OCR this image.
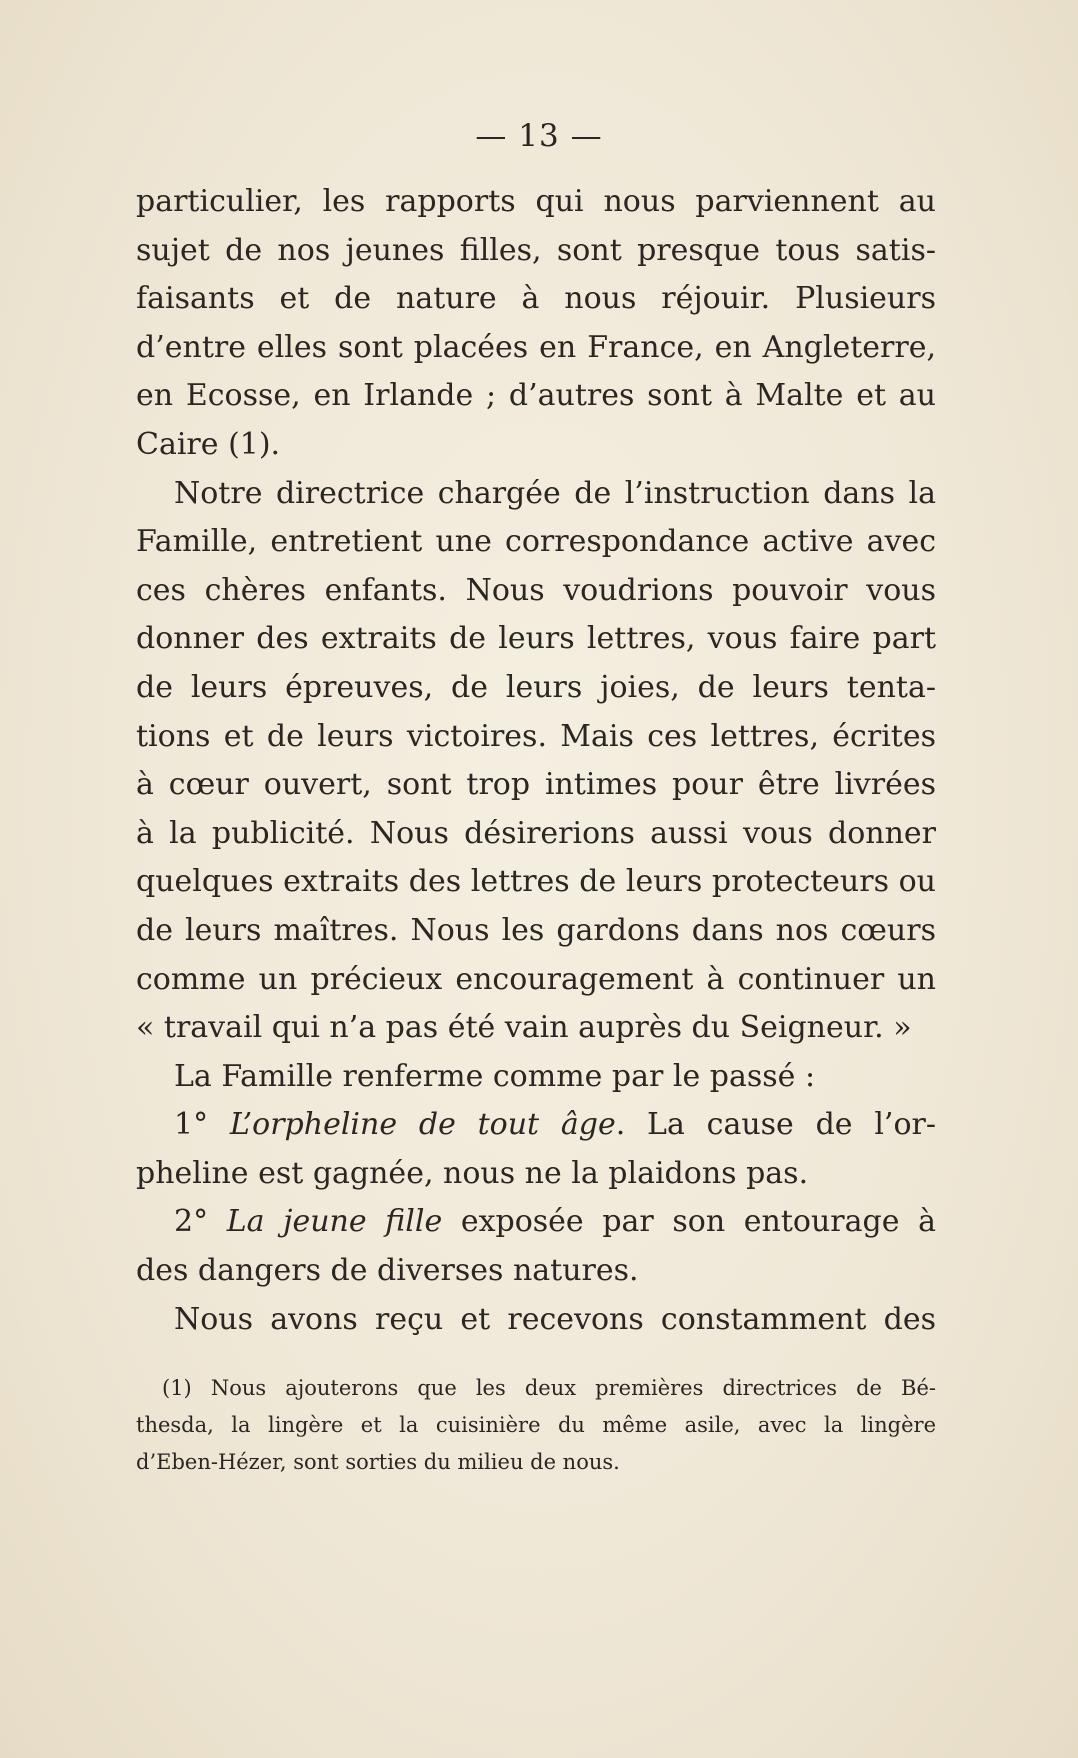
— 13 —
particulier, les rapports qui nous parviennent au
sujet de nos jeunes filles, sont presque tous satis-
faisants et de nature à nous réjouir. Plusieurs
d’entre elles sont placées en France, en Angleterre,
en Ecosse, en Irlande ; d’autres sont à Malte et au
Caire (1).
Notre directrice chargée de l’instruction dans la
Famille, entretient une correspondance active avec
ces chères enfants. Nous voudrions pouvoir vous
donner des extraits de leurs lettres, vous faire part
de leurs épreuves, de leurs joies, de leurs tenta-
tions et de leurs victoires. Mais ces lettres, écrites
à cœur ouvert, sont trop intimes pour être livrées
à la publicité. Nous désirerions aussi vous donner
quelques extraits des lettres de leurs protecteurs ou
de leurs maîtres. Nous les gardons dans nos cœurs
comme un précieux encouragement à continuer un
« travail qui n’a pas été vain auprès du Seigneur. »
La Famille renferme comme par le passé :
1° L’orpheline de tout âge. La cause de l’or-
pheline est gagnée, nous ne la plaidons pas.
2° La jeune fille exposée par son entourage à
des dangers de diverses natures.
Nous avons reçu et recevons constamment des
(1) Nous ajouterons que les deux premières directrices de Bé-
thesda, la lingère et la cuisinière du même asile, avec la lingère
d’Eben-Hézer, sont sorties du milieu de nous.
